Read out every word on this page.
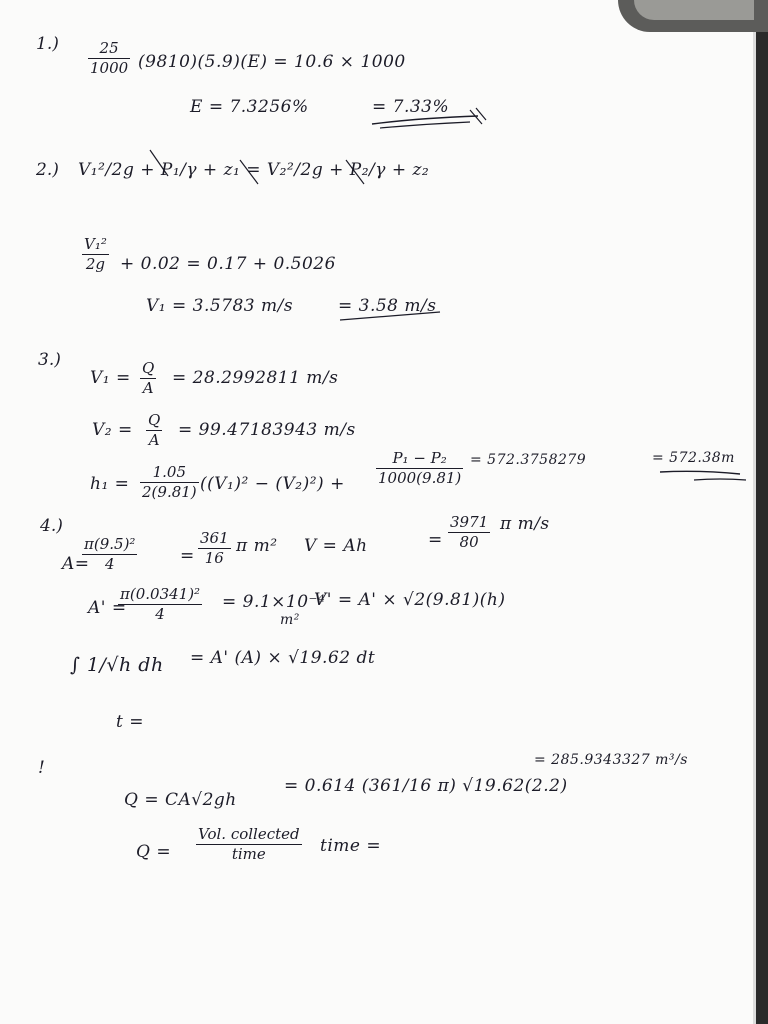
1.)	25
1000 (9810)(5.9)(E) = 10.6 × 1000
E = 7.3256%	= 7.33%
2.) V₁²/2g + P₁/γ + z₁ = V₂²/2g + P₂/γ + z₂
V₁²
2g + 0.02 = 0.17 + 0.5026
V₁ = 3.5783 m/s	= 3.58 m/s
3.)
V₁ = Q
A = 28.2992811 m/s
V₂ = Q
A = 99.47183943 m/s
h₁ =
1.05
2(9.81) ((V₁)² − (V₂)²) +
P₁ − P₂
1000(9.81)
= 572.3758279	= 572.38m
4.)
A=
π(9.5)²
4	=
361
16
π m² V = Ah	=
3971
80
π m/s
A' =
π(0.0341)²
4
= 9.1×10⁻⁴
m²
V' = A' × √2(9.81)(h)
∫ 1/√h dh = A' (A) × √19.62 dt
t =
!
Q = CA√2gh
= 0.614 (361/16 π) √19.62(2.2)
= 285.9343327 m³/s
Q =
Vol. collected
time	time =
